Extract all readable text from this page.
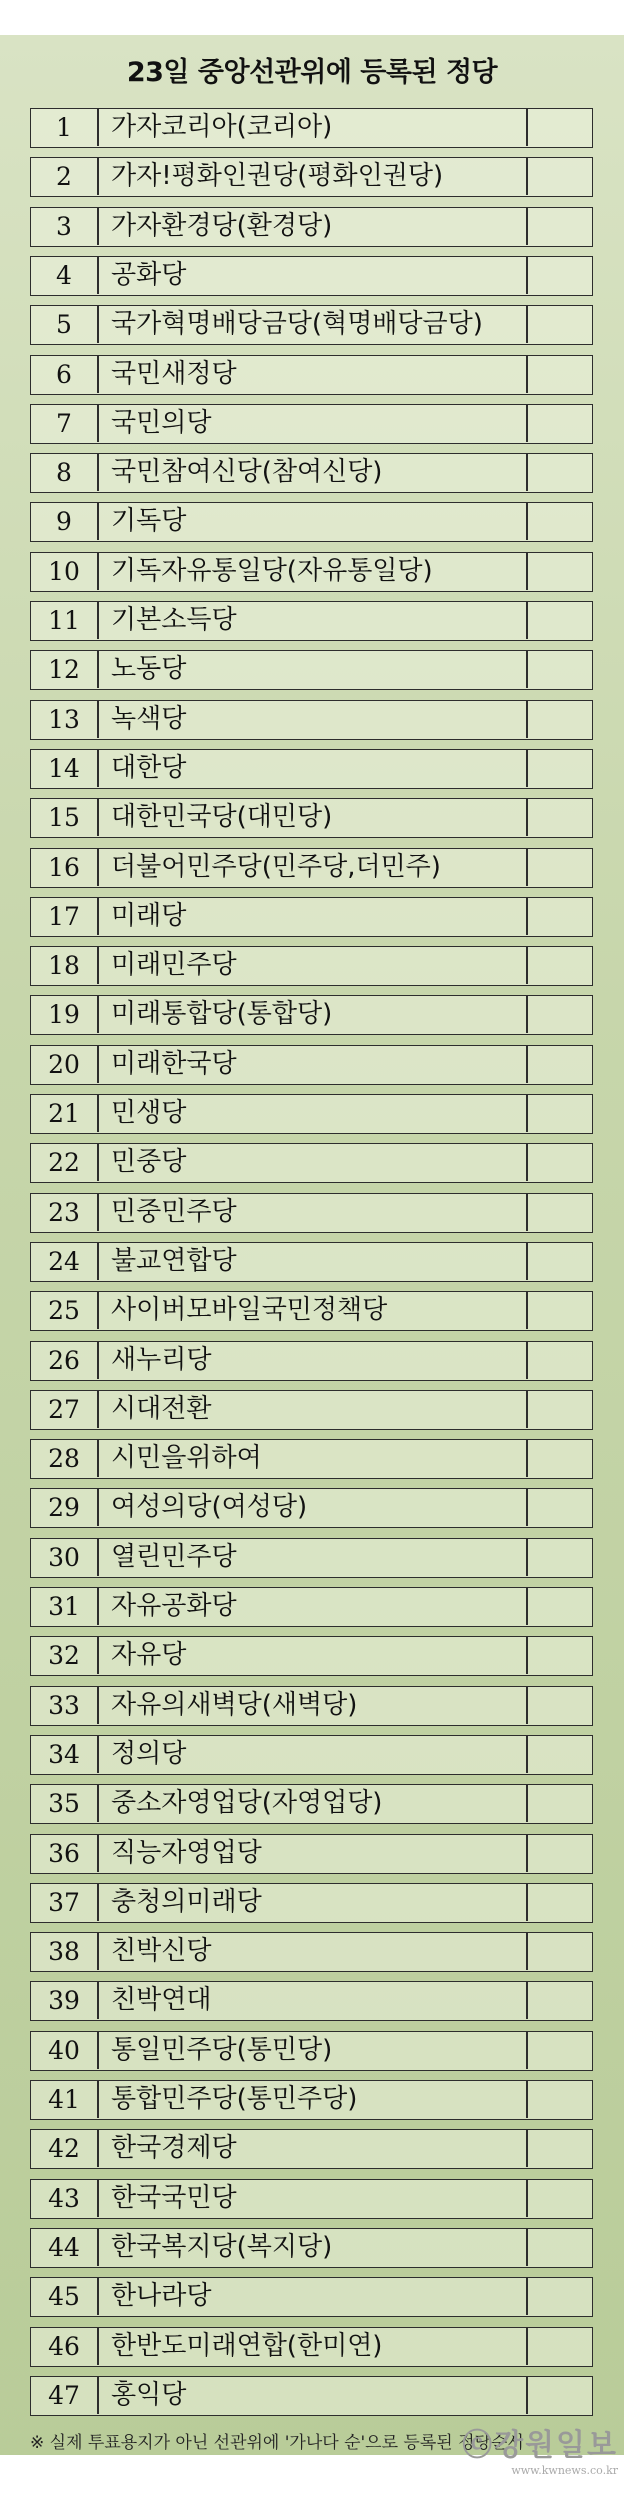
23일 중앙선관위에 등록된 정당
1	가자코리아(코리아)
2	가자!평화인권당(평화인권당)
3	가자환경당(환경당)
4	공화당
5	국가혁명배당금당(혁명배당금당)
6	국민새정당
7	국민의당
8	국민참여신당(참여신당)
9	기독당
10	기독자유통일당(자유통일당)
11	기본소득당
12	노동당
13	녹색당
14	대한당
15	대한민국당(대민당)
16	더불어민주당(민주당,더민주)
17	미래당
18	미래민주당
19	미래통합당(통합당)
20	미래한국당
21	민생당
22	민중당
23	민중민주당
24	불교연합당
25	사이버모바일국민정책당
26	새누리당
27	시대전환
28	시민을위하여
29	여성의당(여성당)
30	열린민주당
31	자유공화당
32	자유당
33	자유의새벽당(새벽당)
34	정의당
35	중소자영업당(자영업당)
36	직능자영업당
37	충청의미래당
38	친박신당
39	친박연대
40	통일민주당(통민당)
41	통합민주당(통민주당)
42	한국경제당
43	한국국민당
44	한국복지당(복지당)
45	한나라당
46	한반도미래연합(한미연)
47	홍익당
※ 실제 투표용지가 아닌 선관위에 '가나다 순'으로 등록된 정당순서
ⓒ강원일보
www.kwnews.co.kr
